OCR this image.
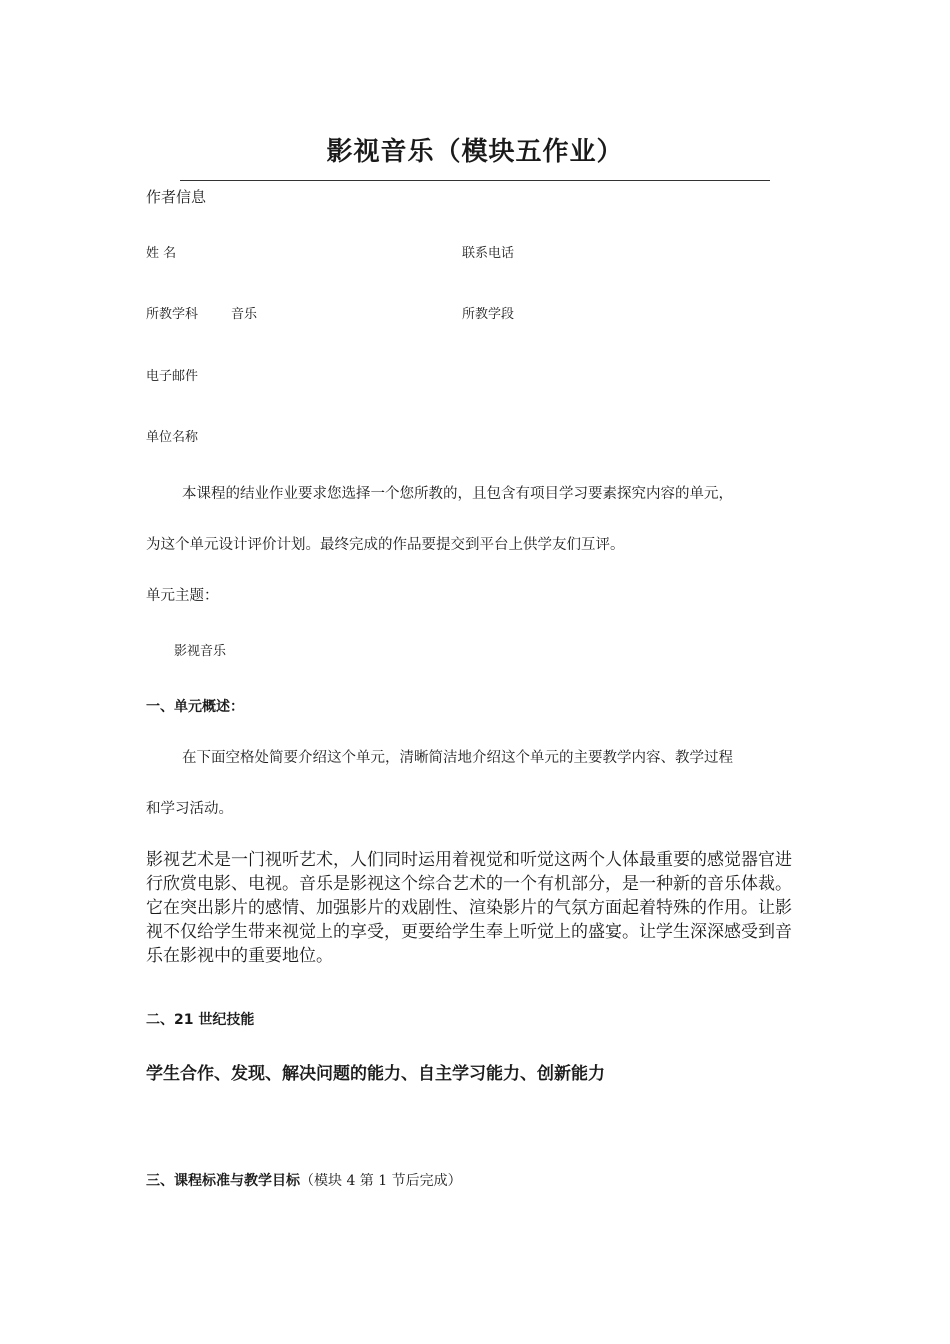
影视音乐（模块五作业）
作者信息
姓 名	联系电话
所教学科	音乐	所教学段
电子邮件
单位名称
本课程的结业作业要求您选择一个您所教的，且包含有项目学习要素探究内容的单元，
为这个单元设计评价计划。最终完成的作品要提交到平台上供学友们互评。
单元主题：
影视音乐
一、单元概述：
在下面空格处简要介绍这个单元，清晰简洁地介绍这个单元的主要教学内容、教学过程
和学习活动。
影视艺术是一门视听艺术，人们同时运用着视觉和听觉这两个人体最重要的感觉器官进行欣赏电影、电视。音乐是影视这个综合艺术的一个有机部分，是一种新的音乐体裁。它在突出影片的感情、加强影片的戏剧性、渲染影片的气氛方面起着特殊的作用。让影视不仅给学生带来视觉上的享受，更要给学生奉上听觉上的盛宴。让学生深深感受到音乐在影视中的重要地位。
二、21 世纪技能
学生合作、发现、解决问题的能力、自主学习能力、创新能力
三、课程标准与教学目标（模块 4 第 1 节后完成）
